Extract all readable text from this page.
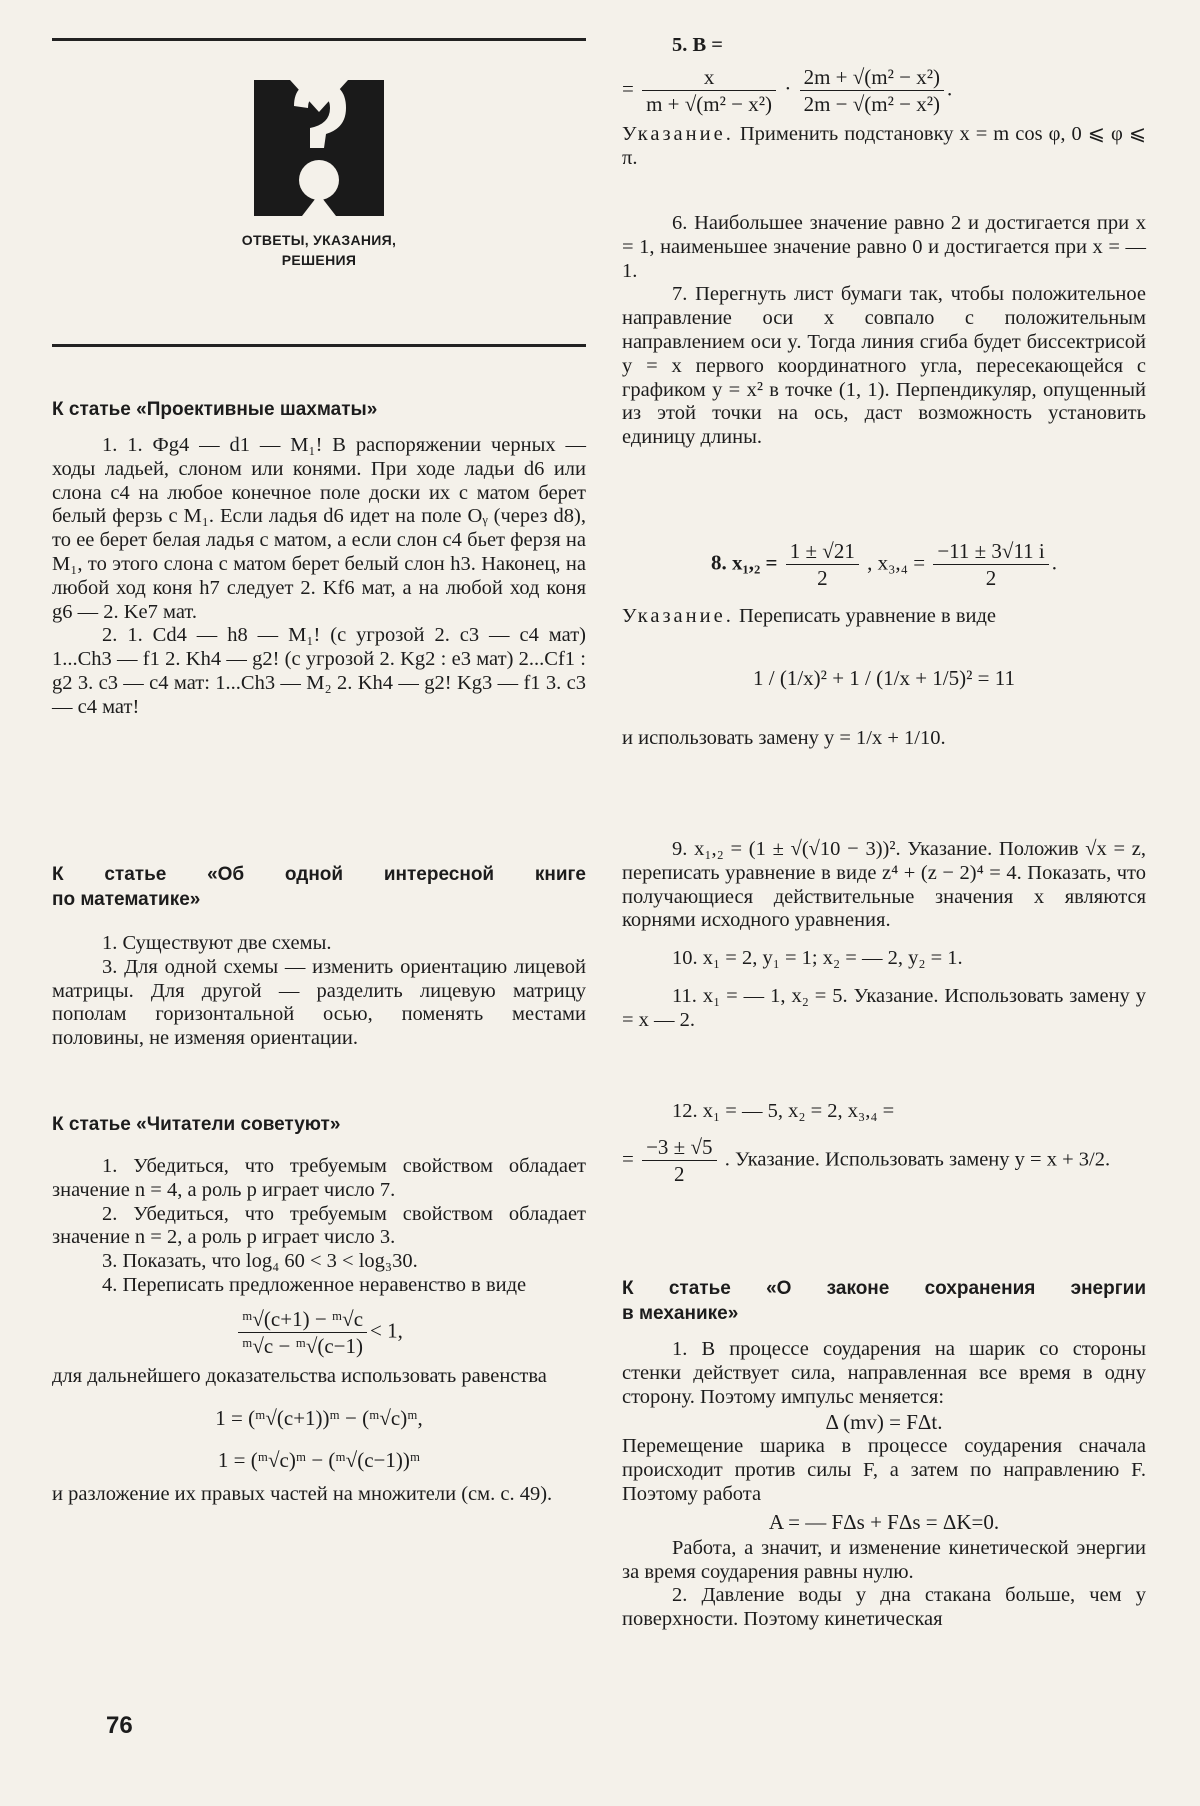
ОТВЕТЫ, УКАЗАНИЯ,
РЕШЕНИЯ
К статье «Проективные шахматы»

1. 1. Фg4 — d1 — M₁! В распоряжении черных — ходы ладьей, слоном или конями. При ходе ладьи d6 или слона c4 на любое конечное поле доски их с матом берет белый ферзь с M₁. Если ладья d6 идет на поле Oᵧ (через d8), то ее берет белая ладья с матом, а если слон c4 бьет ферзя на M₁, то этого слона с матом берет белый слон h3. Наконец, на любой ход коня h7 следует 2. Kf6 мат, а на любой ход коня g6 — 2. Ke7 мат.

2. 1. Cd4 — h8 — M₁! (с угрозой 2. c3 — c4 мат) 1...Ch3 — f1 2. Kh4 — g2! (с угрозой 2. Kg2 : e3 мат) 2...Cf1 : g2 3. c3 — c4 мат: 1...Ch3 — M₂ 2. Kh4 — g2! Kg3 — f1 3. c3 — c4 мат!

К статье «Об одной интересной книге
по математике»

1. Существуют две схемы.

3. Для одной схемы — изменить ориентацию лицевой матрицы. Для другой — разделить лицевую матрицу пополам горизонтальной осью, поменять местами половины, не изменяя ориентации.

К статье «Читатели советуют»

1. Убедиться, что требуемым свойством обладает значение n = 4, а роль p играет число 7.

2. Убедиться, что требуемым свойством обладает значение n = 2, а роль p играет число 3.

3. Показать, что log₄ 60 < 3 < log₃30.

4. Переписать предложенное неравенство в виде

$\frac{\text{ᵐ√(c+1) − ᵐ√c}}{\text{ᵐ√c − ᵐ√(c−1)}} < 1$,

для дальнейшего доказательства использовать равенства

1 = (ᵐ√(c+1))ᵐ − (ᵐ√c)ᵐ,
1 = (ᵐ√c)ᵐ − (ᵐ√(c−1))ᵐ

и разложение их правых частей на множители (см. с. 49).

76
5. B =
= $\frac{x}{\text{m + √(m² − x²)}} \cdot \frac{\text{2m + √(m² − x²)}}{\text{2m − √(m² − x²)}}$ .

Указание. Применить подстановку x = m cos φ, 0 ⩽ φ ⩽ π.

6. Наибольшее значение равно 2 и достигается при x = 1, наименьшее значение равно 0 и достигается при x = — 1.

7. Перегнуть лист бумаги так, чтобы положительное направление оси x совпало с положительным направлением оси y. Тогда линия сгиба будет биссектрисой y = x первого координатного угла, пересекающейся с графиком y = x² в точке (1, 1). Перпендикуляр, опущенный из этой точки на ось, даст возможность установить единицу длины.

8. $x_1,_2 = \frac{1 \pm √21}{2}$ , $x_3,_4 = \frac{-11 \pm 3√11 i}{2}$ .

Указание. Переписать уравнение в виде

1 / (1/x)² + 1 / (1/x + 1/5)² = 11

и использовать замену y = 1/x + 1/10.

9. x₁,₂ = (1 ± √(√10 − 3))². Указание. Положив √x = z, переписать уравнение в виде z⁴ + (z − 2)⁴ = 4. Показать, что получающиеся действительные значения x являются корнями исходного уравнения.

10. x₁ = 2, y₁ = 1; x₂ = — 2, y₂ = 1.

11. x₁ = — 1, x₂ = 5. Указание. Использовать замену y = x — 2.

12. x₁ = — 5, x₂ = 2, x₃,₄ =

= $\frac{-3 \pm √5}{2}$ . Указание. Использовать замену y = x + 3/2.
К статье «О законе сохранения энергии
в механике»

1. В процессе соударения на шарик со стороны стенки действует сила, направленная все время в одну сторону. Поэтому импульс меняется:

Δ (mv) = FΔt.

Перемещение шарика в процессе соударения сначала происходит против силы F, а затем по направлению F. Поэтому работа

A = — FΔs + FΔs = ΔK=0.

Работа, а значит, и изменение кинетической энергии за время соударения равны нулю.

2. Давление воды у дна стакана больше, чем у поверхности. Поэтому кинетическая
